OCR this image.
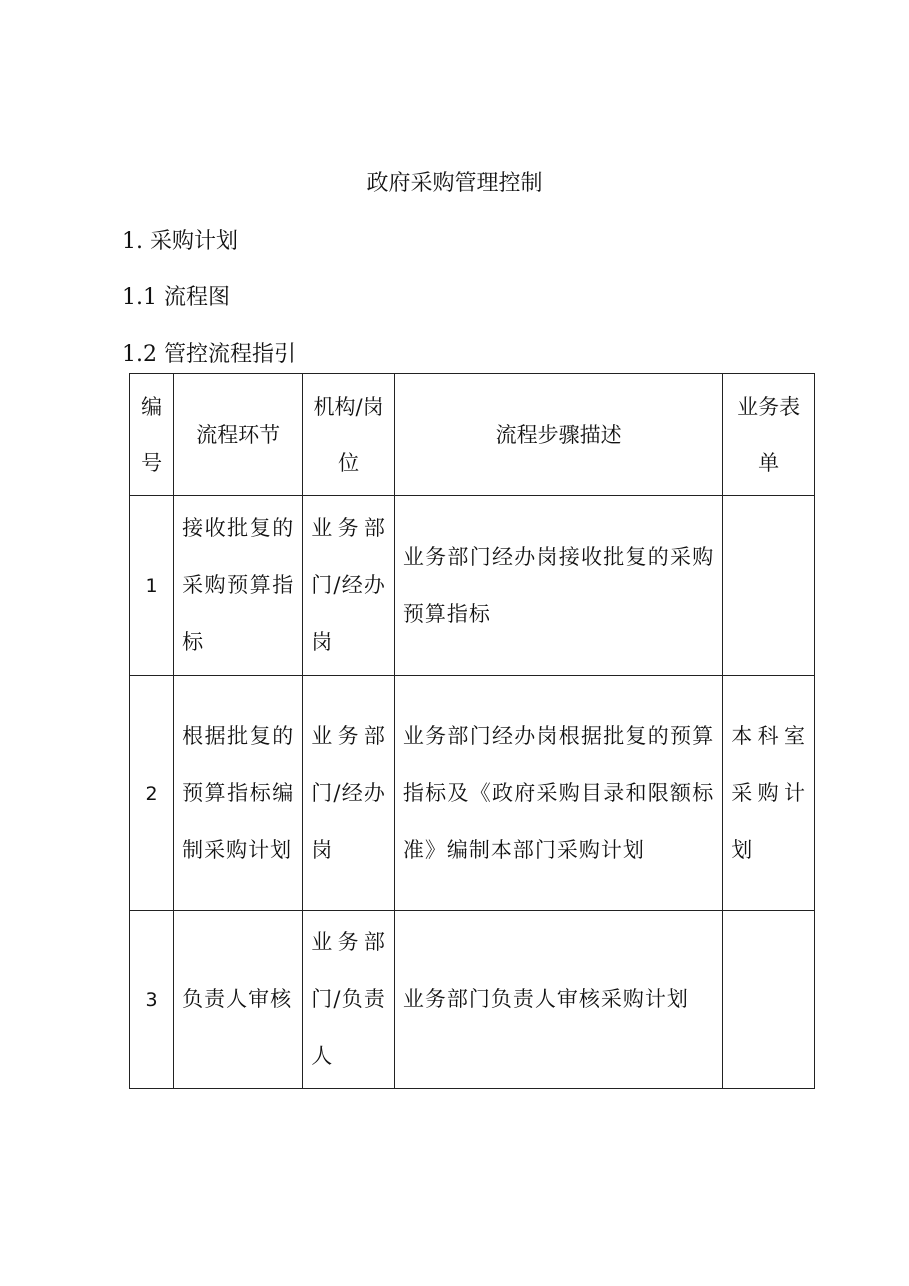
政府采购管理控制

1. 采购计划

1.1 流程图

1.2 管控流程指引

编号	流程环节	机构/岗位	流程步骤描述	业务表单

1	接收批复的采购预算指标	业务部门/经办岗	业务部门经办岗接收批复的采购预算指标	

2	根据批复的预算指标编制采购计划	业务部门/经办岗	业务部门经办岗根据批复的预算指标及《政府采购目录和限额标准》编制本部门采购计划	本科室采购计划

3	负责人审核	业务部门/负责人	业务部门负责人审核采购计划	
